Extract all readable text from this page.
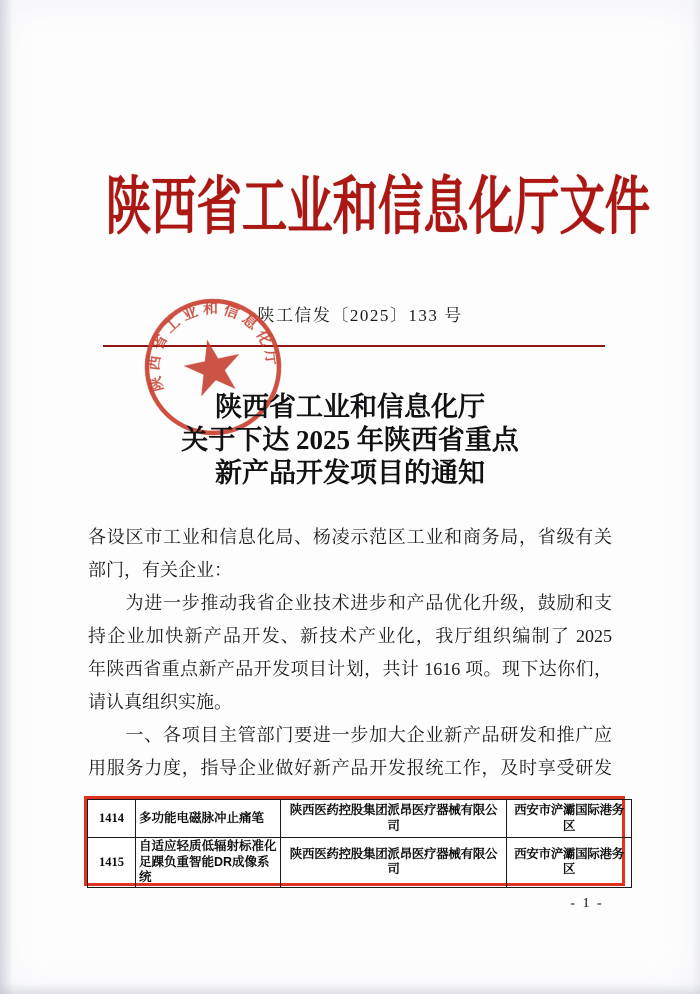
陕西省工业和信息化厅文件
陕工信发〔2025〕133 号
陕西省工业和信息化厅
陕西省工业和信息化厅
关于下达 2025 年陕西省重点
新产品开发项目的通知
各设区市工业和信息化局、杨凌示范区工业和商务局，省级有关
部门，有关企业：
　　为进一步推动我省企业技术进步和产品优化升级，鼓励和支
持企业加快新产品开发、新技术产业化，我厅组织编制了 2025
年陕西省重点新产品开发项目计划，共计 1616 项。现下达你们，
请认真组织实施。
　　一、各项目主管部门要进一步加大企业新产品研发和推广应
用服务力度，指导企业做好新产品开发报统工作，及时享受研发
1414	多功能电磁脉冲止痛笔	陕西医药控股集团派昂医疗器械有限公司	西安市浐灞国际港务区
1415	自适应轻质低辐射标准化足踝负重智能DR成像系统	陕西医药控股集团派昂医疗器械有限公司	西安市浐灞国际港务区
- 1 -
